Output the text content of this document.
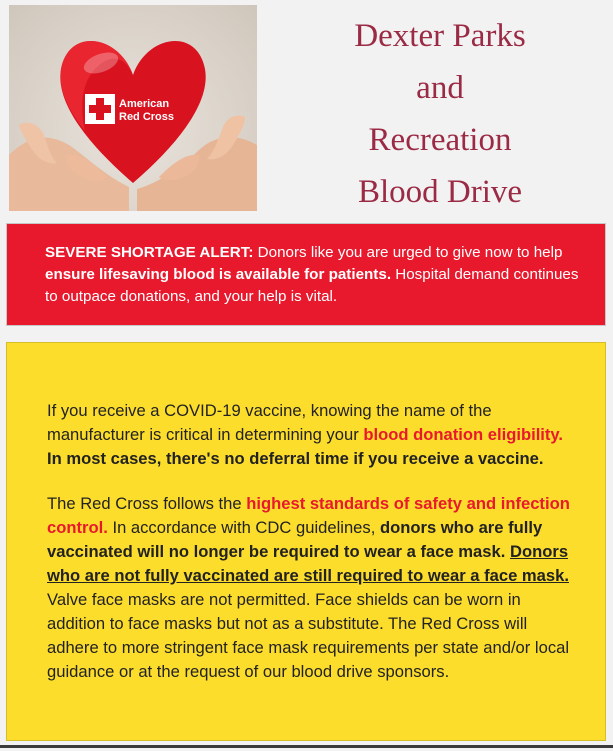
American
Red Cross
Dexter Parks
and
Recreation
Blood Drive

SEVERE SHORTAGE ALERT: Donors like you are urged to give now to help ensure lifesaving blood is available for patients. Hospital demand continues to outpace donations, and your help is vital.

If you receive a COVID-19 vaccine, knowing the name of the manufacturer is critical in determining your blood donation eligibility. In most cases, there's no deferral time if you receive a vaccine.

The Red Cross follows the highest standards of safety and infection control. In accordance with CDC guidelines, donors who are fully vaccinated will no longer be required to wear a face mask. Donors who are not fully vaccinated are still required to wear a face mask. Valve face masks are not permitted. Face shields can be worn in addition to face masks but not as a substitute. The Red Cross will adhere to more stringent face mask requirements per state and/or local guidance or at the request of our blood drive sponsors.
